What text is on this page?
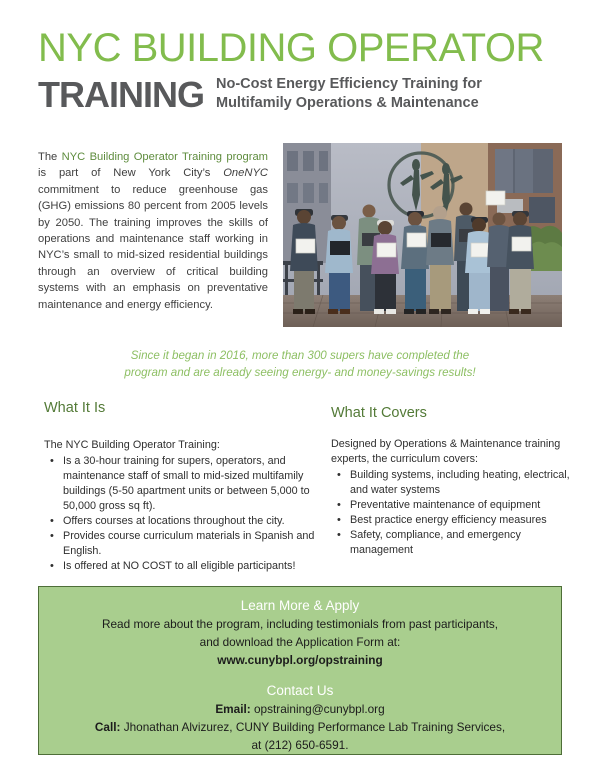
NYC BUILDING OPERATOR
TRAINING No-Cost Energy Efficiency Training for
Multifamily Operations & Maintenance

The NYC Building Operator Training program is part of New York City’s OneNYC commitment to reduce greenhouse gas (GHG) emissions 80 percent from 2005 levels by 2050. The training improves the skills of operations and maintenance staff working in NYC’s small to mid-sized residential buildings through an overview of critical building systems with an emphasis on preventative maintenance and energy efficiency.

Since it began in 2016, more than 300 supers have completed the
program and are already seeing energy- and money-savings results!
What It Is
The NYC Building Operator Training:
• Is a 30-hour training for supers, operators, and maintenance staff of small to mid-sized multifamily buildings (5-50 apartment units or between 5,000 to 50,000 gross sq ft).
• Offers courses at locations throughout the city.
• Provides course curriculum materials in Spanish and English.
• Is offered at NO COST to all eligible participants!
What It Covers
Designed by Operations & Maintenance training experts, the curriculum covers:
• Building systems, including heating, electrical, and water systems
• Preventative maintenance of equipment
• Best practice energy efficiency measures
• Safety, compliance, and emergency management
Learn More & Apply
Read more about the program, including testimonials from past participants,
and download the Application Form at:
www.cunybpl.org/opstraining
Contact Us
Email: opstraining@cunybpl.org
Call: Jhonathan Alvizurez, CUNY Building Performance Lab Training Services,
at (212) 650-6591.
